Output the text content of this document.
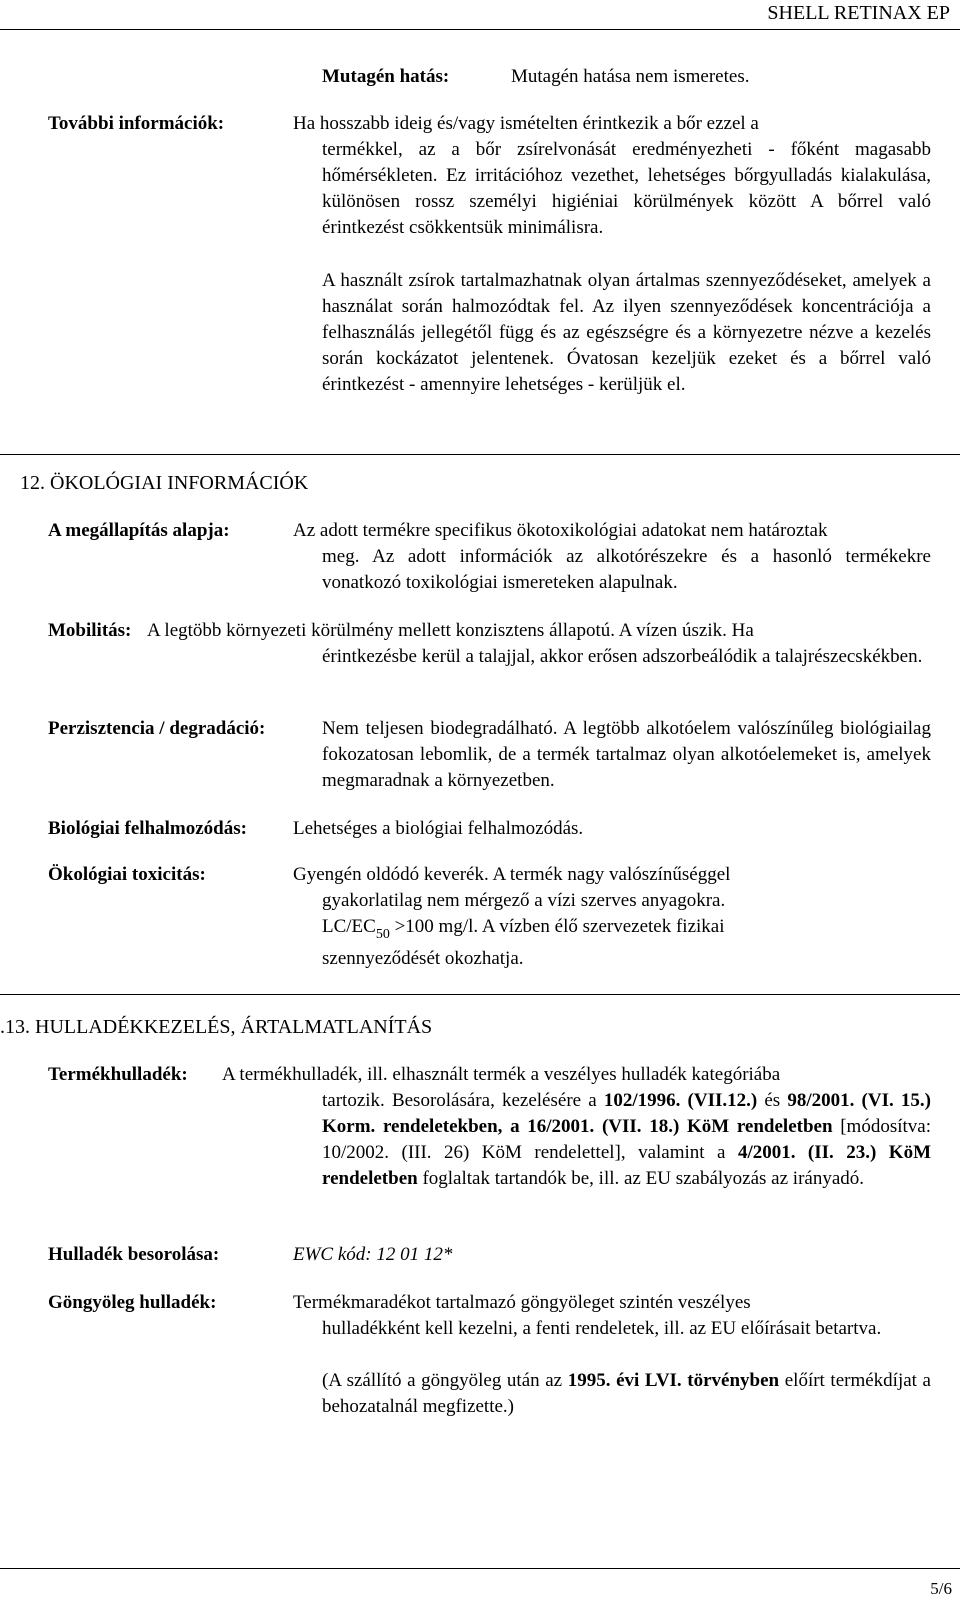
SHELL RETINAX EP
Mutagén hatás:	Mutagén hatása nem ismeretes.
További információk:	Ha hosszabb ideig és/vagy ismételten érintkezik a bőr ezzel a
termékkel, az a bőr zsírelvonását eredményezheti - főként magasabb hőmérsékleten. Ez irritációhoz vezethet, lehetséges bőrgyulladás kialakulása, különösen rossz személyi higiéniai körülmények között A bőrrel való érintkezést csökkentsük minimálisra.
A használt zsírok tartalmazhatnak olyan ártalmas szennyeződéseket, amelyek a használat során halmozódtak fel. Az ilyen szennyeződések koncentrációja a felhasználás jellegétől függ és az egészségre és a környezetre nézve a kezelés során kockázatot jelentenek. Óvatosan kezeljük ezeket és a bőrrel való érintkezést - amennyire lehetséges - kerüljük el.
12. ÖKOLÓGIAI INFORMÁCIÓK
A megállapítás alapja:	Az adott termékre specifikus ökotoxikológiai adatokat nem határoztak
meg. Az adott információk az alkotórészekre és a hasonló termékekre vonatkozó toxikológiai ismereteken alapulnak.
Mobilitás: A legtöbb környezeti körülmény mellett konzisztens állapotú. A vízen úszik. Ha
érintkezésbe kerül a talajjal, akkor erősen adszorbeálódik a talajrészecskékben.
Perzisztencia / degradáció:	Nem teljesen biodegradálható. A legtöbb alkotóelem valószínűleg biológiailag fokozatosan lebomlik, de a termék tartalmaz olyan alkotóelemeket is, amelyek megmaradnak a környezetben.
Biológiai felhalmozódás: Lehetséges a biológiai felhalmozódás.
Ökológiai toxicitás:	Gyengén oldódó keverék. A termék nagy valószínűséggel
gyakorlatilag nem mérgező a vízi szerves anyagokra.
$LC/EC_{50} >100$ mg/l. A vízben élő szervezetek fizikai
szennyeződését okozhatja.
.13. HULLADÉKKEZELÉS, ÁRTALMATLANÍTÁS
Termékhulladék: A termékhulladék, ill. elhasznált termék a veszélyes hulladék kategóriába
tartozik. Besorolására, kezelésére a 102/1996. (VII.12.) és 98/2001. (VI. 15.) Korm. rendeletekben, a 16/2001. (VII. 18.) KöM rendeletben [módosítva: 10/2002. (III. 26) KöM rendelettel], valamint a 4/2001. (II. 23.) KöM rendeletben foglaltak tartandók be, ill. az EU szabályozás az irányadó.
Hulladék besorolása:	EWC kód: 12 01 12*
Göngyöleg hulladék:	Termékmaradékot tartalmazó göngyöleget szintén veszélyes
hulladékként kell kezelni, a fenti rendeletek, ill. az EU előírásait betartva.
(A szállító a göngyöleg után az 1995. évi LVI. törvényben előírt termékdíjat a behozatalnál megfizette.)
5/6
